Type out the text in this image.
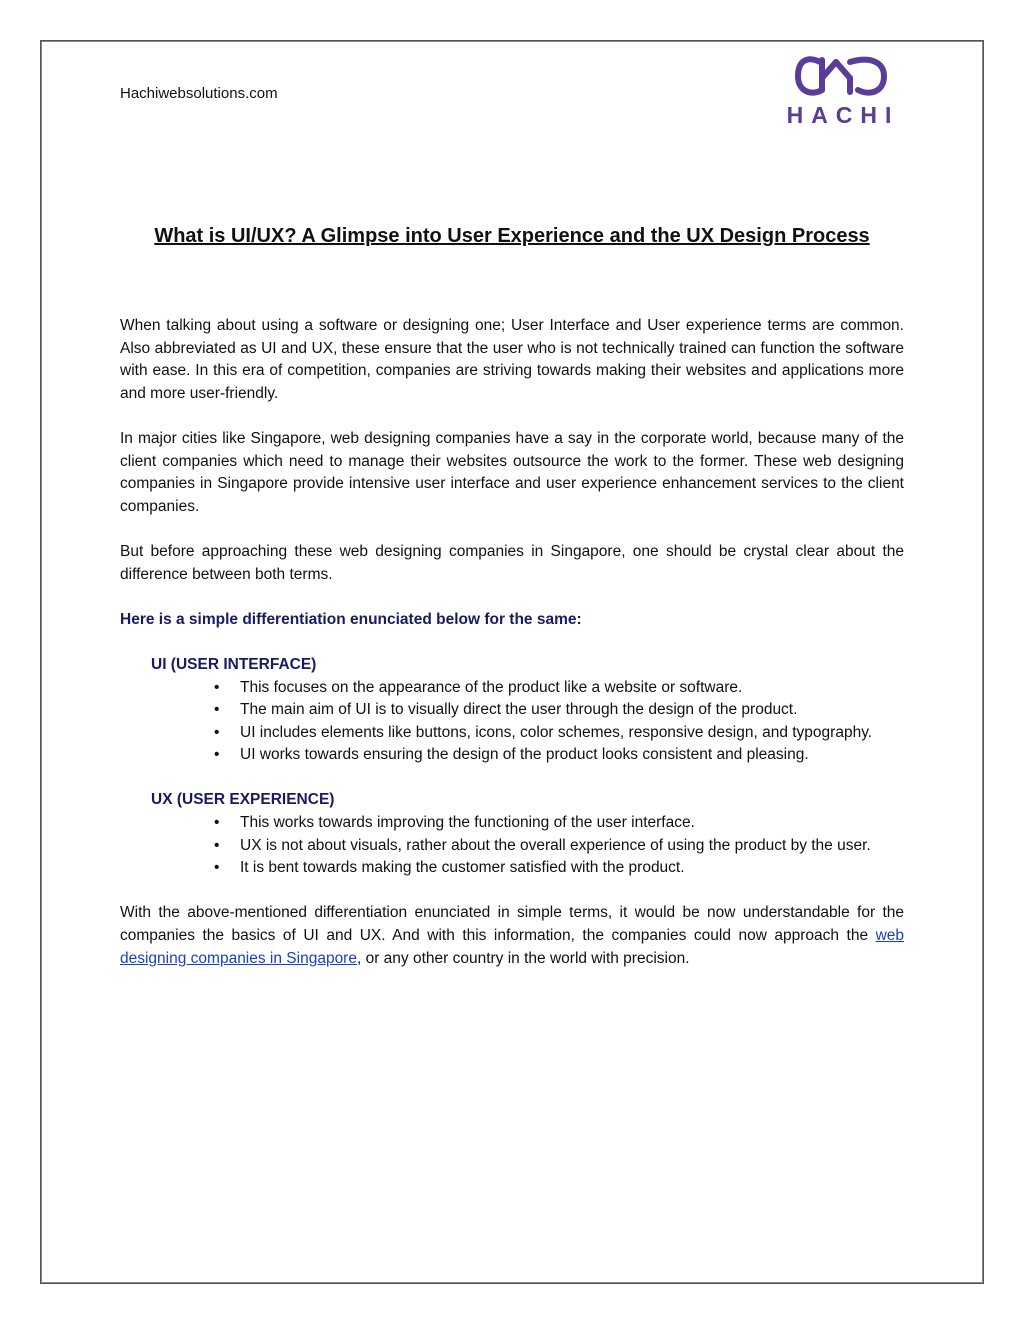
Hachiwebsolutions.com
HACHI
What is UI/UX? A Glimpse into User Experience and the UX Design Process

When talking about using a software or designing one; User Interface and User experience terms are common. Also abbreviated as UI and UX, these ensure that the user who is not technically trained can function the software with ease. In this era of competition, companies are striving towards making their websites and applications more and more user-friendly.

In major cities like Singapore, web designing companies have a say in the corporate world, because many of the client companies which need to manage their websites outsource the work to the former. These web designing companies in Singapore provide intensive user interface and user experience enhancement services to the client companies.

But before approaching these web designing companies in Singapore, one should be crystal clear about the difference between both terms.

Here is a simple differentiation enunciated below for the same:

UI (USER INTERFACE)
• This focuses on the appearance of the product like a website or software.
• The main aim of UI is to visually direct the user through the design of the product.
• UI includes elements like buttons, icons, color schemes, responsive design, and typography.
• UI works towards ensuring the design of the product looks consistent and pleasing.
UX (USER EXPERIENCE)
• This works towards improving the functioning of the user interface.
• UX is not about visuals, rather about the overall experience of using the product by the user.
• It is bent towards making the customer satisfied with the product.

With the above-mentioned differentiation enunciated in simple terms, it would be now understandable for the companies the basics of UI and UX. And with this information, the companies could now approach the web designing companies in Singapore, or any other country in the world with precision.
